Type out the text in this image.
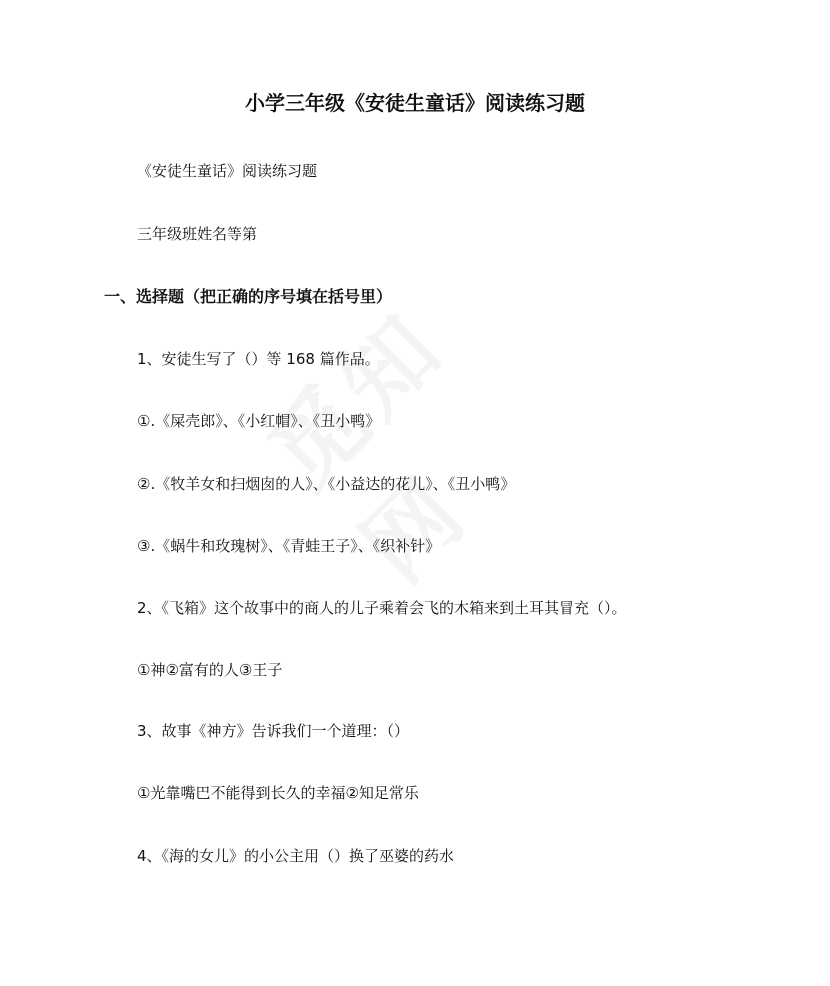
小学三年级《安徒生童话》阅读练习题

《安徒生童话》阅读练习题

三年级班姓名等第

一、选择题（把正确的序号填在括号里）

1、安徒生写了（）等 168 篇作品。

①.《屎壳郎》、《小红帽》、《丑小鸭》

②.《牧羊女和扫烟囱的人》、《小益达的花儿》、《丑小鸭》

③.《蜗牛和玫瑰树》、《青蛙王子》、《织补针》

2、《飞箱》这个故事中的商人的儿子乘着会飞的木箱来到土耳其冒充（）。

①神②富有的人③王子

3、故事《神方》告诉我们一个道理：（）

①光靠嘴巴不能得到长久的幸福②知足常乐

4、《海的女儿》的小公主用（）换了巫婆的药水
